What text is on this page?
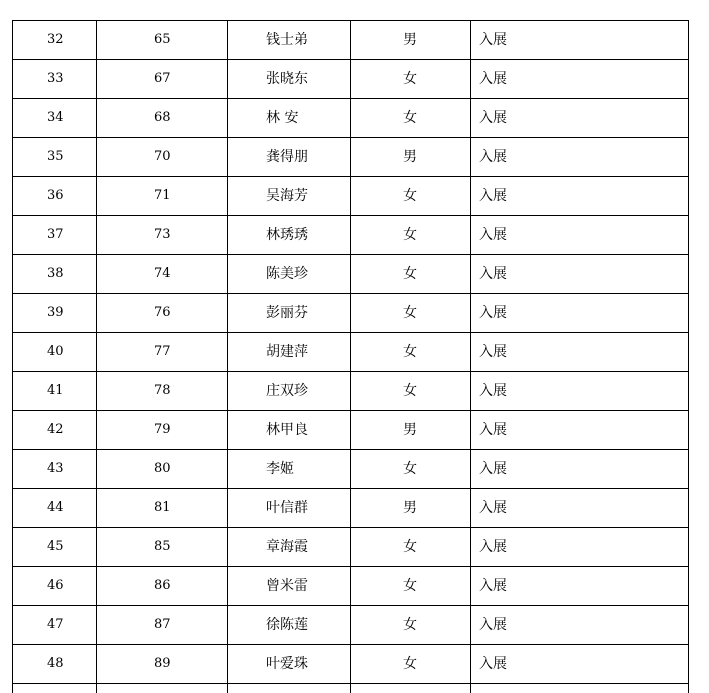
32	65	钱士弟	男	入展
33	67	张晓东	女	入展
34	68	林 安	女	入展
35	70	龚得朋	男	入展
36	71	吴海芳	女	入展
37	73	林琇琇	女	入展
38	74	陈美珍	女	入展
39	76	彭丽芬	女	入展
40	77	胡建萍	女	入展
41	78	庄双珍	女	入展
42	79	林甲良	男	入展
43	80	李姬	女	入展
44	81	叶信群	男	入展
45	85	章海霞	女	入展
46	86	曾米雷	女	入展
47	87	徐陈莲	女	入展
48	89	叶爱珠	女	入展
